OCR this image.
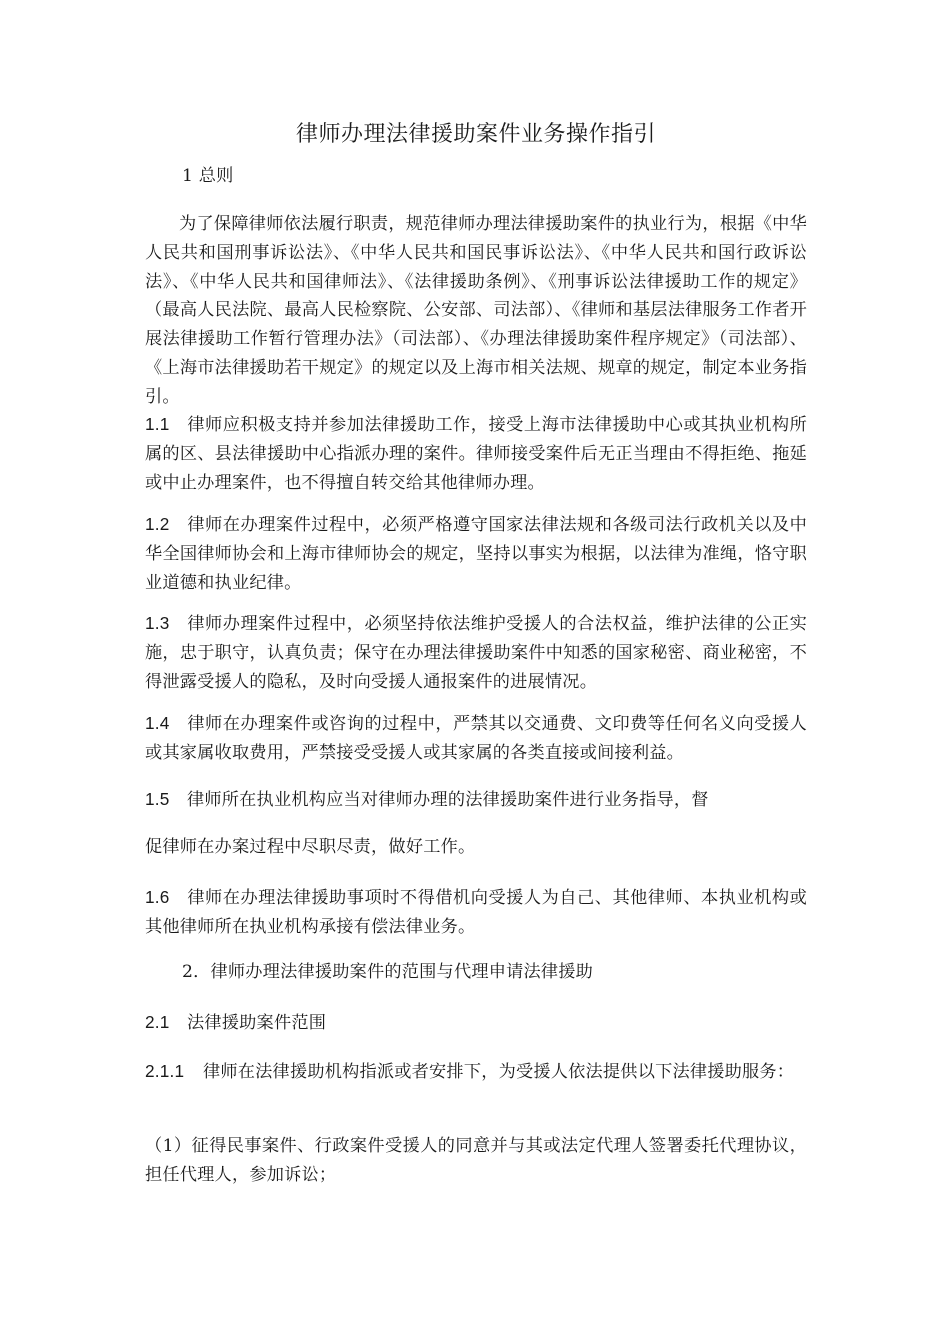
律师办理法律援助案件业务操作指引

1 总则

为了保障律师依法履行职责，规范律师办理法律援助案件的执业行为，根据《中华人民共和国刑事诉讼法》、《中华人民共和国民事诉讼法》、《中华人民共和国行政诉讼法》、《中华人民共和国律师法》、《法律援助条例》、《刑事诉讼法律援助工作的规定》（最高人民法院、最高人民检察院、公安部、司法部）、《律师和基层法律服务工作者开展法律援助工作暂行管理办法》（司法部）、《办理法律援助案件程序规定》（司法部）、《上海市法律援助若干规定》的规定以及上海市相关法规、规章的规定，制定本业务指引。

1.1 律师应积极支持并参加法律援助工作，接受上海市法律援助中心或其执业机构所属的区、县法律援助中心指派办理的案件。律师接受案件后无正当理由不得拒绝、拖延或中止办理案件，也不得擅自转交给其他律师办理。

1.2 律师在办理案件过程中，必须严格遵守国家法律法规和各级司法行政机关以及中华全国律师协会和上海市律师协会的规定，坚持以事实为根据，以法律为准绳，恪守职业道德和执业纪律。

1.3 律师办理案件过程中，必须坚持依法维护受援人的合法权益，维护法律的公正实施，忠于职守，认真负责；保守在办理法律援助案件中知悉的国家秘密、商业秘密，不得泄露受援人的隐私，及时向受援人通报案件的进展情况。

1.4 律师在办理案件或咨询的过程中，严禁其以交通费、文印费等任何名义向受援人或其家属收取费用，严禁接受受援人或其家属的各类直接或间接利益。

1.5 律师所在执业机构应当对律师办理的法律援助案件进行业务指导，督

促律师在办案过程中尽职尽责，做好工作。

1.6 律师在办理法律援助事项时不得借机向受援人为自己、其他律师、本执业机构或其他律师所在执业机构承接有偿法律业务。

2．律师办理法律援助案件的范围与代理申请法律援助

2.1 法律援助案件范围

2.1.1 律师在法律援助机构指派或者安排下，为受援人依法提供以下法律援助服务：

（1）征得民事案件、行政案件受援人的同意并与其或法定代理人签署委托代理协议，担任代理人，参加诉讼；
